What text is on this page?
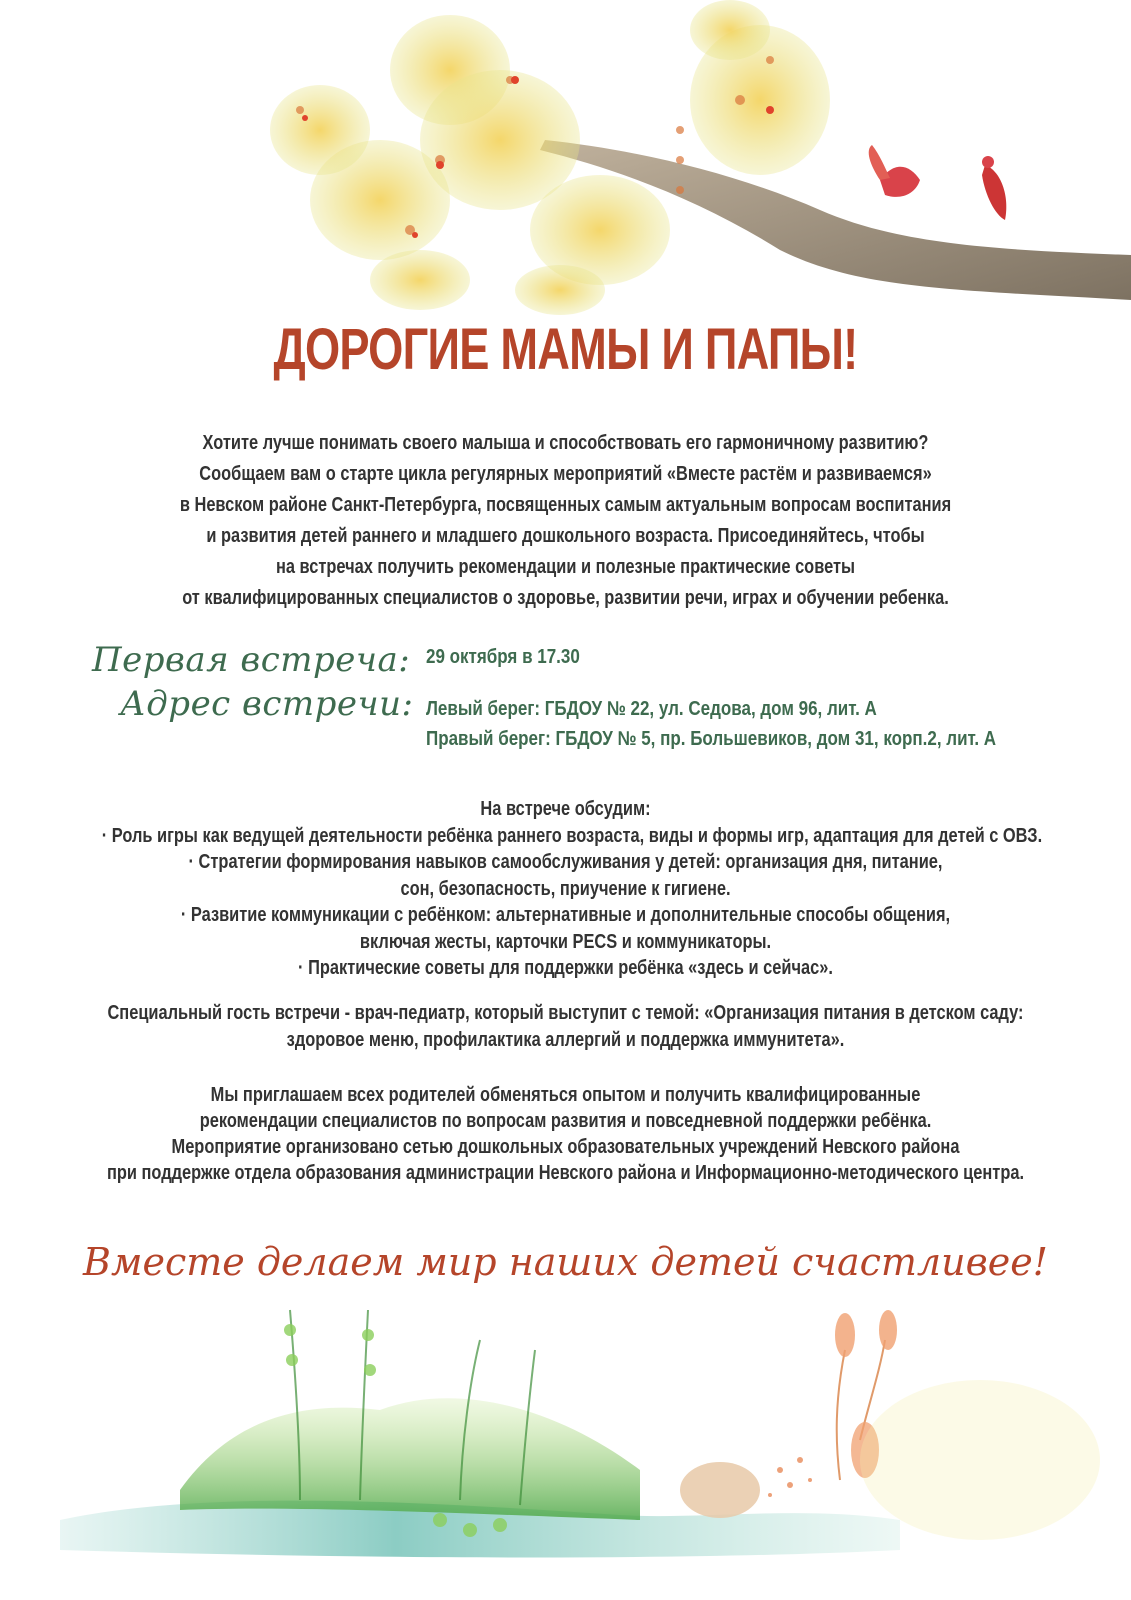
ДОРОГИЕ МАМЫ И ПАПЫ!
Хотите лучше понимать своего малыша и способствовать его гармоничному развитию?
Сообщаем вам о старте цикла регулярных мероприятий «Вместе растём и развиваемся»
в Невском районе Санкт-Петербурга, посвященных самым актуальным вопросам воспитания
и развития детей раннего и младшего дошкольного возраста. Присоединяйтесь, чтобы
на встречах получить рекомендации и полезные практические советы
от квалифицированных специалистов о здоровье, развитии речи, играх и обучении ребенка.
Первая встреча: 29 октября в 17.30
Адрес встречи: Левый берег: ГБДОУ № 22, ул. Седова, дом 96, лит. А
Правый берег: ГБДОУ № 5, пр. Большевиков, дом 31, корп.2, лит. А
На встрече обсудим:
· Роль игры как ведущей деятельности ребёнка раннего возраста, виды и формы игр, адаптация для детей с ОВЗ.
· Стратегии формирования навыков самообслуживания у детей: организация дня, питание,
сон, безопасность, приучение к гигиене.
· Развитие коммуникации с ребёнком: альтернативные и дополнительные способы общения,
включая жесты, карточки PECS и коммуникаторы.
· Практические советы для поддержки ребёнка «здесь и сейчас».
Специальный гость встречи - врач-педиатр, который выступит с темой: «Организация питания в детском саду:
здоровое меню, профилактика аллергий и поддержка иммунитета».
Мы приглашаем всех родителей обменяться опытом и получить квалифицированные
рекомендации специалистов по вопросам развития и повседневной поддержки ребёнка.
Мероприятие организовано сетью дошкольных образовательных учреждений Невского района
при поддержке отдела образования администрации Невского района и Информационно-методического центра.
Вместе делаем мир наших детей счастливее!
